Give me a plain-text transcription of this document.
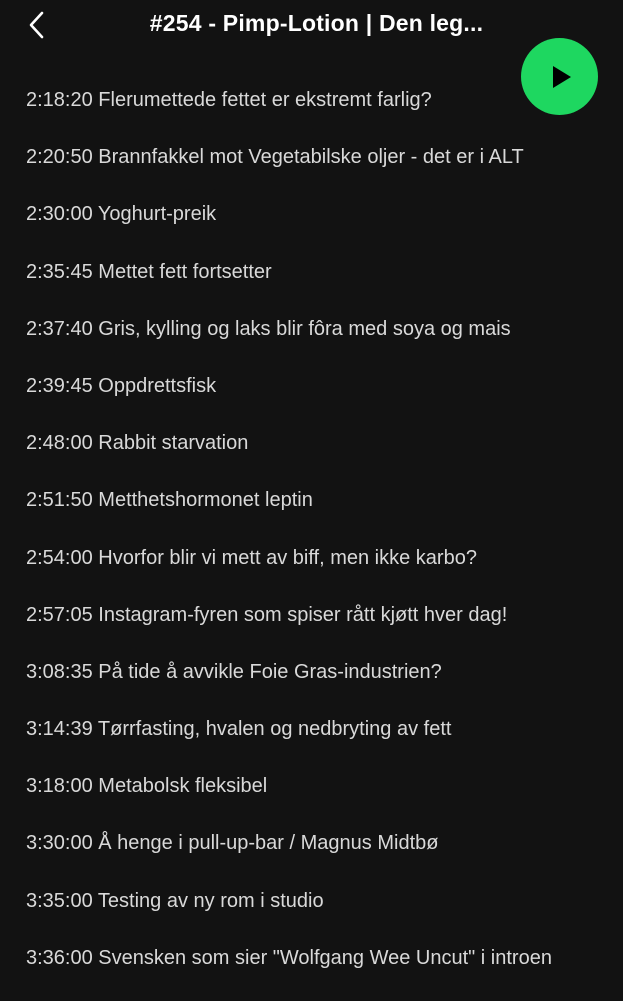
#254 - Pimp-Lotion | Den leg...
2:18:20 Flerumettede fettet er ekstremt farlig?
2:20:50 Brannfakkel mot Vegetabilske oljer - det er i ALT
2:30:00 Yoghurt-preik
2:35:45 Mettet fett fortsetter
2:37:40 Gris, kylling og laks blir fôra med soya og mais
2:39:45 Oppdrettsfisk
2:48:00 Rabbit starvation
2:51:50 Metthetshormonet leptin
2:54:00 Hvorfor blir vi mett av biff, men ikke karbo?
2:57:05 Instagram-fyren som spiser rått kjøtt hver dag!
3:08:35 På tide å avvikle Foie Gras-industrien?
3:14:39 Tørrfasting, hvalen og nedbryting av fett
3:18:00 Metabolsk fleksibel
3:30:00 Å henge i pull-up-bar / Magnus Midtbø
3:35:00 Testing av ny rom i studio
3:36:00 Svensken som sier "Wolfgang Wee Uncut" i introen
